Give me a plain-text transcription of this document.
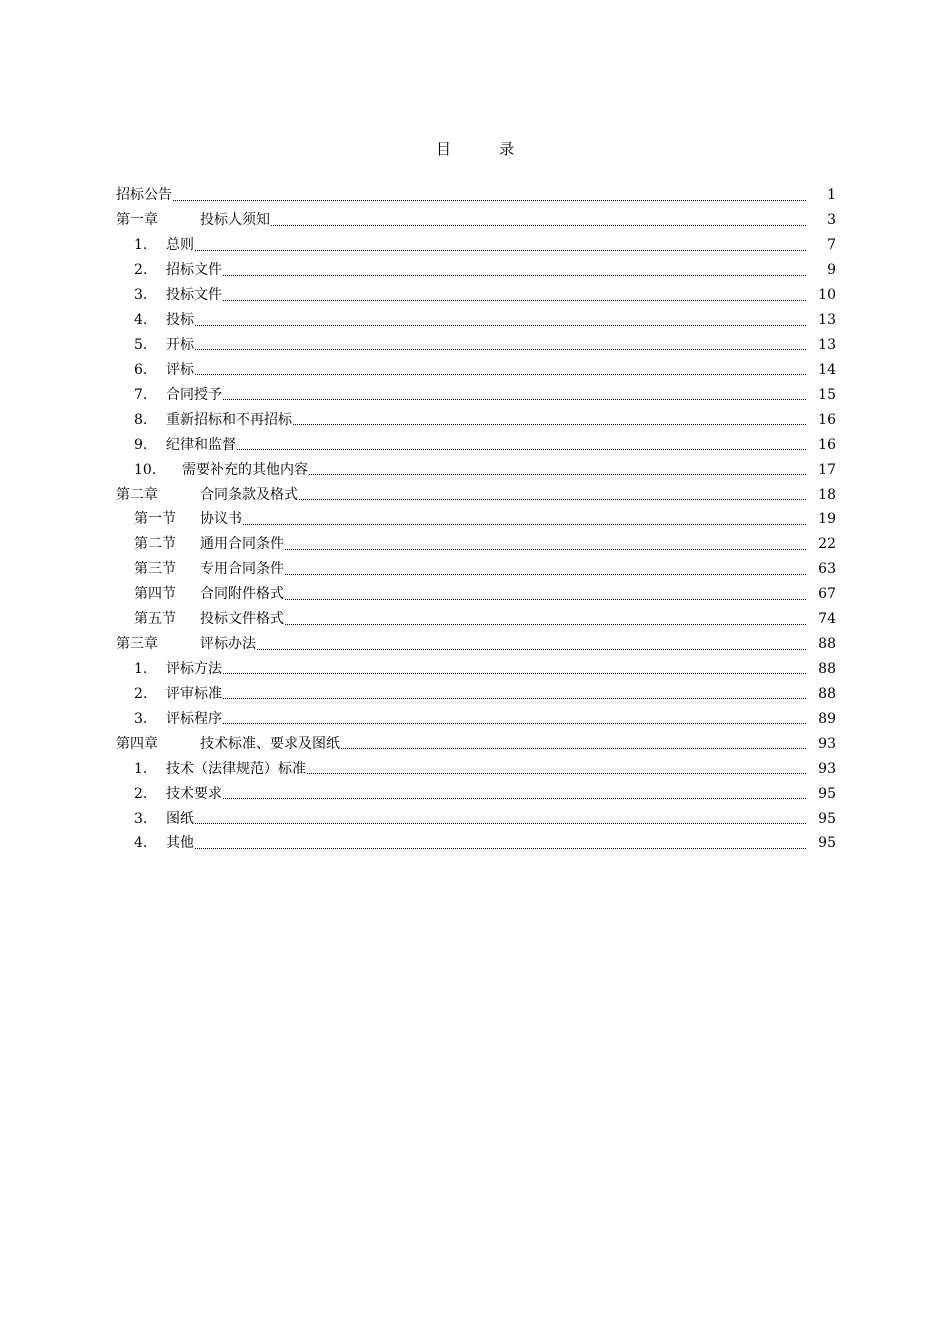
目	录
招标公告	1
第一章	投标人须知	3
1.	总则	7
2.	招标文件	9
3.	投标文件	10
4.	投标	13
5.	开标	13
6.	评标	14
7.	合同授予	15
8.	重新招标和不再招标	16
9.	纪律和监督	16
10.	需要补充的其他内容	17
第二章	合同条款及格式	18
第一节	协议书	19
第二节	通用合同条件	22
第三节	专用合同条件	63
第四节	合同附件格式	67
第五节	投标文件格式	74
第三章	评标办法	88
1.	评标方法	88
2.	评审标准	88
3.	评标程序	89
第四章	技术标准、要求及图纸	93
1.	技术（法律规范）标准	93
2.	技术要求	95
3.	图纸	95
4.	其他	95
